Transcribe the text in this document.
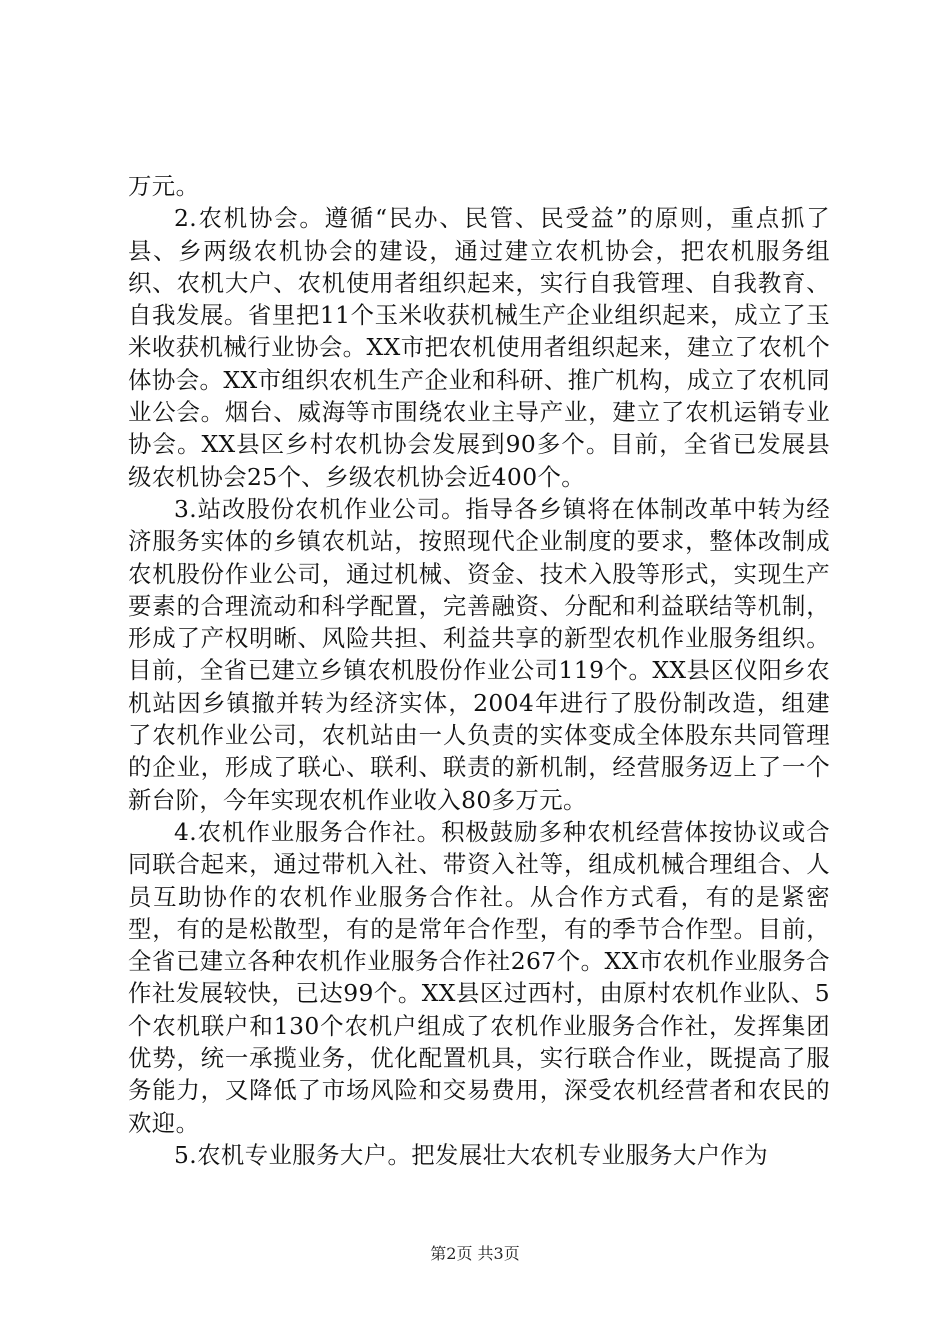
万元。

2.农机协会。遵循“民办、民管、民受益”的原则，重点抓了县、乡两级农机协会的建设，通过建立农机协会，把农机服务组织、农机大户、农机使用者组织起来，实行自我管理、自我教育、自我发展。省里把11个玉米收获机械生产企业组织起来，成立了玉米收获机械行业协会。XX市把农机使用者组织起来，建立了农机个体协会。XX市组织农机生产企业和科研、推广机构，成立了农机同业公会。烟台、威海等市围绕农业主导产业，建立了农机运销专业协会。XX县区乡村农机协会发展到90多个。目前，全省已发展县级农机协会25个、乡级农机协会近400个。

3.站改股份农机作业公司。指导各乡镇将在体制改革中转为经济服务实体的乡镇农机站，按照现代企业制度的要求，整体改制成农机股份作业公司，通过机械、资金、技术入股等形式，实现生产要素的合理流动和科学配置，完善融资、分配和利益联结等机制，形成了产权明晰、风险共担、利益共享的新型农机作业服务组织。目前，全省已建立乡镇农机股份作业公司119个。XX县区仪阳乡农机站因乡镇撤并转为经济实体，2004年进行了股份制改造，组建了农机作业公司，农机站由一人负责的实体变成全体股东共同管理的企业，形成了联心、联利、联责的新机制，经营服务迈上了一个新台阶，今年实现农机作业收入80多万元。

4.农机作业服务合作社。积极鼓励多种农机经营体按协议或合同联合起来，通过带机入社、带资入社等，组成机械合理组合、人员互助协作的农机作业服务合作社。从合作方式看，有的是紧密型，有的是松散型，有的是常年合作型，有的季节合作型。目前，全省已建立各种农机作业服务合作社267个。XX市农机作业服务合作社发展较快，已达99个。XX县区过西村，由原村农机作业队、5个农机联户和130个农机户组成了农机作业服务合作社，发挥集团优势，统一承揽业务，优化配置机具，实行联合作业，既提高了服务能力，又降低了市场风险和交易费用，深受农机经营者和农民的欢迎。

5.农机专业服务大户。把发展壮大农机专业服务大户作为

第2页 共3页
